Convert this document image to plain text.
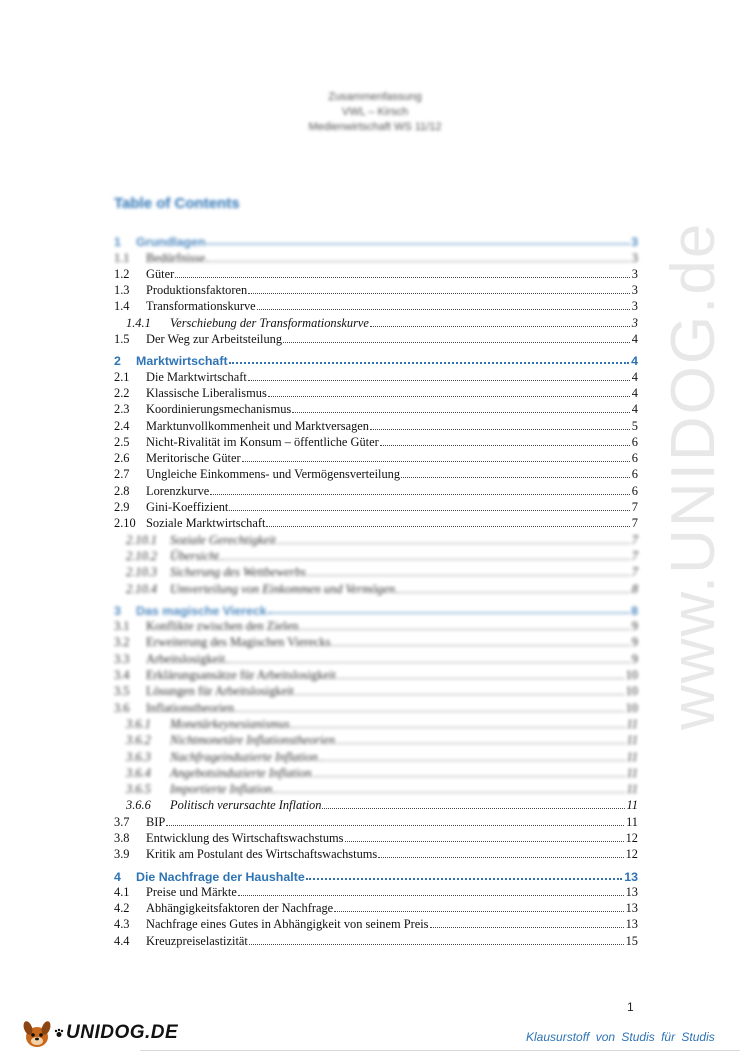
Zusammenfassung
VWL – Kirsch
Medienwirtschaft WS 11/12
Table of Contents
1	Grundlagen	3
1.1	Bedürfnisse	3
1.2	Güter	3
1.3	Produktionsfaktoren	3
1.4	Transformationskurve	3
1.4.1	Verschiebung der Transformationskurve	3
1.5	Der Weg zur Arbeitsteilung	4
2	Marktwirtschaft	4
2.1	Die Marktwirtschaft	4
2.2	Klassische Liberalismus	4
2.3	Koordinierungsmechanismus	4
2.4	Marktunvollkommenheit und Marktversagen	5
2.5	Nicht-Rivalität im Konsum – öffentliche Güter	6
2.6	Meritorische Güter	6
2.7	Ungleiche Einkommens- und Vermögensverteilung	6
2.8	Lorenzkurve	6
2.9	Gini-Koeffizient	7
2.10 Soziale Marktwirtschaft	7
2.10.1	Soziale Gerechtigkeit	7
2.10.2	Übersicht	7
2.10.3	Sicherung des Wettbewerbs	7
2.10.4	Umverteilung von Einkommen und Vermögen	8
3	Das magische Viereck	8
3.1	Konflikte zwischen den Zielen	9
3.2	Erweiterung des Magischen Vierecks	9
3.3	Arbeitslosigkeit	9
3.4	Erklärungsansätze für Arbeitslosigkeit	10
3.5	Lösungen für Arbeitslosigkeit	10
3.6	Inflationstheorien	10
3.6.1	Monetärkeynesianismus	11
3.6.2	Nichtmonetäre Inflationstheorien	11
3.6.3	Nachfrageinduzierte Inflation	11
3.6.4	Angebotsinduzierte Inflation	11
3.6.5	Importierte Inflation	11
3.6.6	Politisch verursachte Inflation	11
3.7	BIP	11
3.8	Entwicklung des Wirtschaftswachstums	12
3.9	Kritik am Postulant des Wirtschaftswachstums	12
4	Die Nachfrage der Haushalte	13
4.1	Preise und Märkte	13
4.2	Abhängigkeitsfaktoren der Nachfrage	13
4.3	Nachfrage eines Gutes in Abhängigkeit von seinem Preis	13
4.4	Kreuzpreiselastizität	15
www.UNIDOG.de
1
UNIDOG.DE	Klausurstoff von Studis für Studis
